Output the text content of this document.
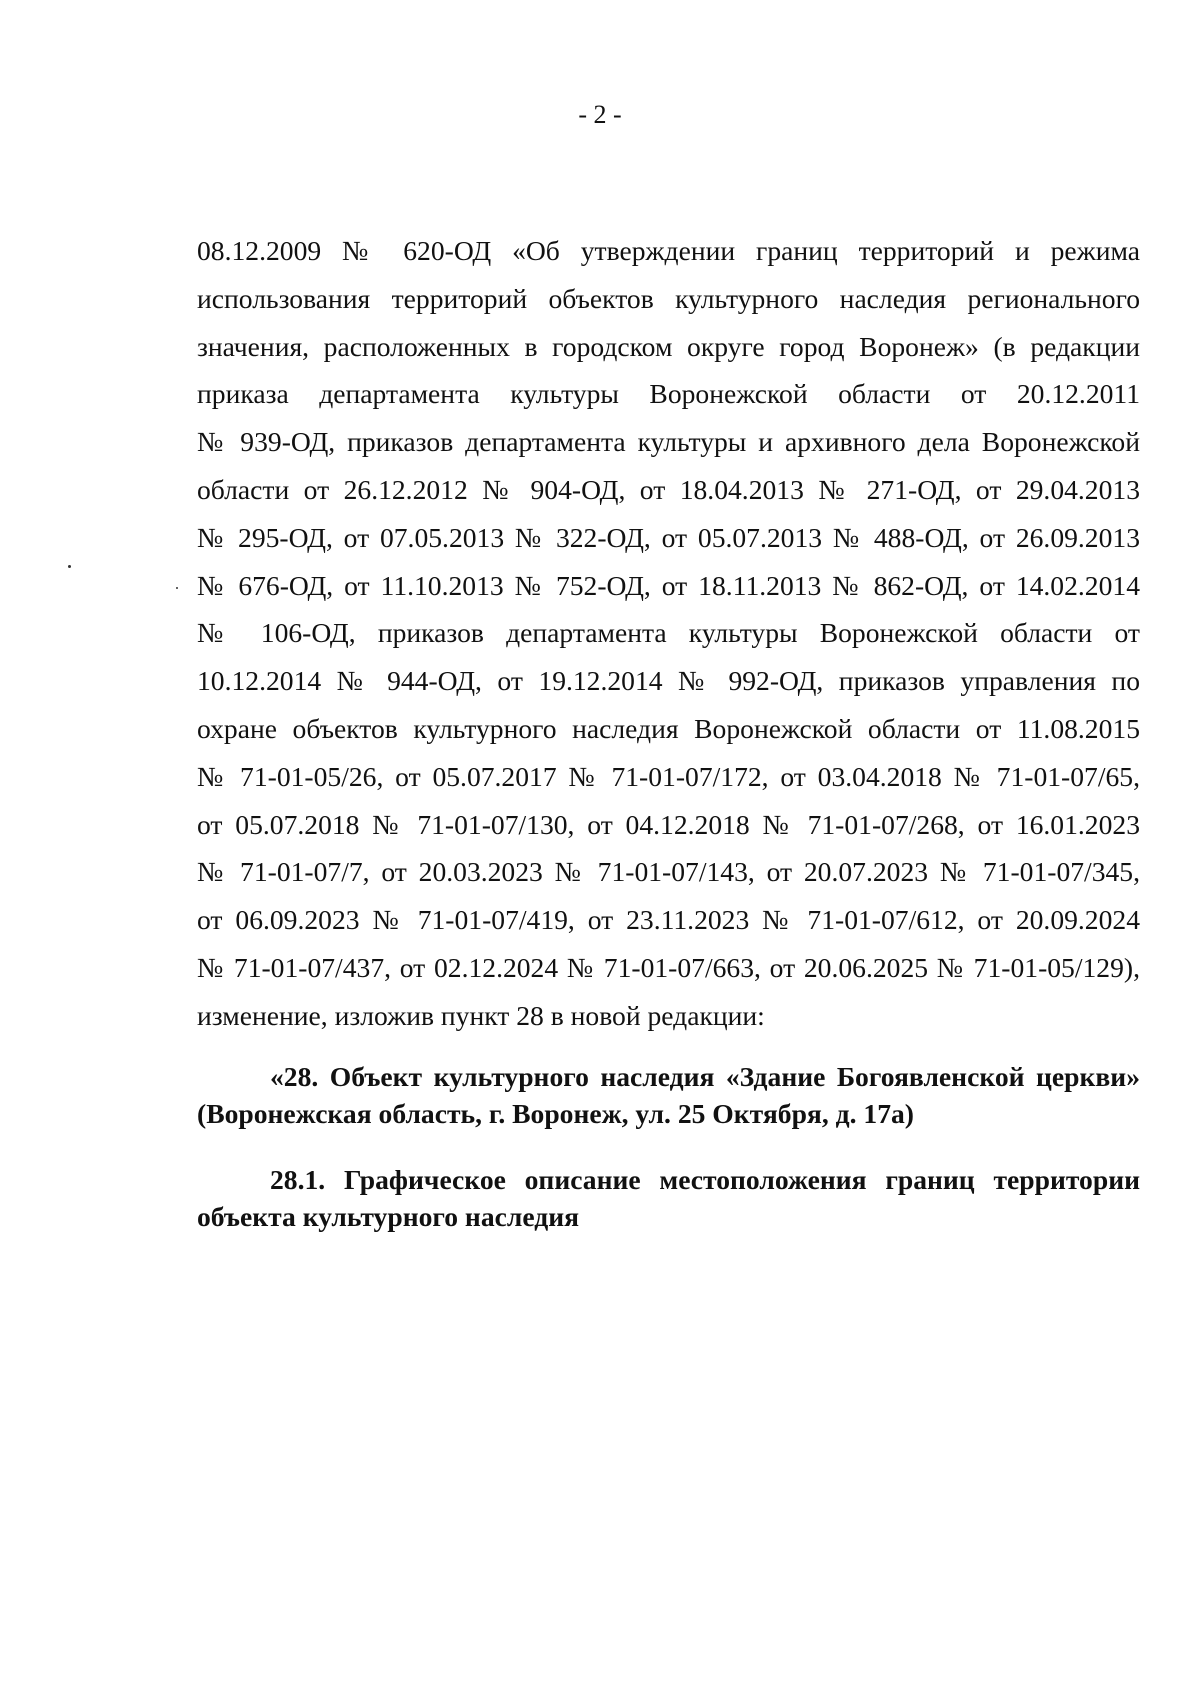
- 2 -
08.12.2009 № 620-ОД «Об утверждении границ территорий и режима
использования территорий объектов культурного наследия регионального
значения, расположенных в городском округе город Воронеж» (в редакции
приказа департамента культуры Воронежской области от 20.12.2011
№ 939-ОД, приказов департамента культуры и архивного дела Воронежской
области от 26.12.2012 № 904-ОД, от 18.04.2013 № 271-ОД, от 29.04.2013
№ 295-ОД, от 07.05.2013 № 322-ОД, от 05.07.2013 № 488-ОД, от 26.09.2013
№ 676-ОД, от 11.10.2013 № 752-ОД, от 18.11.2013 № 862-ОД, от 14.02.2014
№ 106-ОД, приказов департамента культуры Воронежской области от
10.12.2014 № 944-ОД, от 19.12.2014 № 992-ОД, приказов управления по
охране объектов культурного наследия Воронежской области от 11.08.2015
№ 71-01-05/26, от 05.07.2017 № 71-01-07/172, от 03.04.2018 № 71-01-07/65,
от 05.07.2018 № 71-01-07/130, от 04.12.2018 № 71-01-07/268, от 16.01.2023
№ 71-01-07/7, от 20.03.2023 № 71-01-07/143, от 20.07.2023 № 71-01-07/345,
от 06.09.2023 № 71-01-07/419, от 23.11.2023 № 71-01-07/612, от 20.09.2024
№ 71-01-07/437, от 02.12.2024 № 71-01-07/663, от 20.06.2025 № 71-01-05/129),
изменение, изложив пункт 28 в новой редакции:
«28. Объект культурного наследия «Здание Богоявленской церкви»
(Воронежская область, г. Воронеж, ул. 25 Октября, д. 17а)
28.1. Графическое описание местоположения границ территории
объекта культурного наследия
